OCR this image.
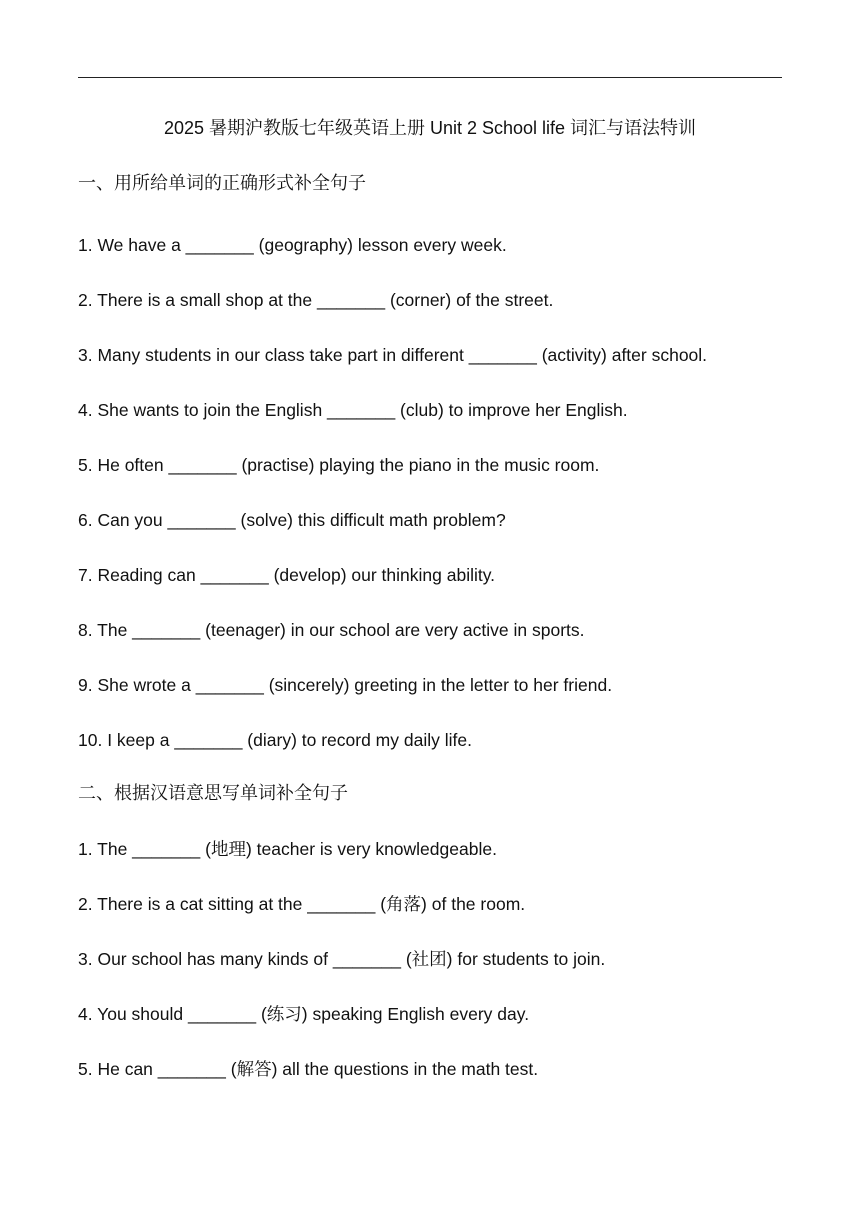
2025 暑期沪教版七年级英语上册 Unit 2 School life 词汇与语法特训
一、用所给单词的正确形式补全句子
1. We have a _______ (geography) lesson every week.
2. There is a small shop at the _______ (corner) of the street.
3. Many students in our class take part in different _______ (activity) after school.
4. She wants to join the English _______ (club) to improve her English.
5. He often _______ (practise) playing the piano in the music room.
6. Can you _______ (solve) this difficult math problem?
7. Reading can _______ (develop) our thinking ability.
8. The _______ (teenager) in our school are very active in sports.
9. She wrote a _______ (sincerely) greeting in the letter to her friend.
10. I keep a _______ (diary) to record my daily life.
二、根据汉语意思写单词补全句子
1. The _______ (地理) teacher is very knowledgeable.
2. There is a cat sitting at the _______ (角落) of the room.
3. Our school has many kinds of _______ (社团) for students to join.
4. You should _______ (练习) speaking English every day.
5. He can _______ (解答) all the questions in the math test.
